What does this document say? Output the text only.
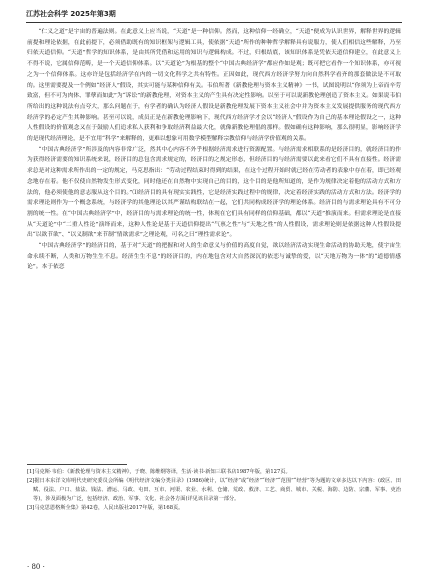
江苏社会科学 2025年第3期

“仁义之道”是宇宙的普遍法则。在此意义上应当说，“天道”是一种信仰。然而，这种信仰一经确立，“天道”便成为认识世界，解释世界的逻辑前提和理论依据，在此前提下，必须借助既有的知识框架与逻辑工具，使依据“天道”所作的种种哲学解释具有说服力，使人们相信这些解释，乃至归依天道信仰。“天道”哲学的知识体系，是由其所凭借和运用的知识与逻辑构成。不过，归根结底，该知识体系是凭依天道信仰建立，在此意义上不得不说，它属信仰范畴，是一个天道信仰体系。以“天道论”为根基的整个“中国古典经济学”都应作如是观；既可把它看作一个知识体系，亦可视之为一个信仰体系。这亦许是包括经济学在内的一切文化科学之共有特性。正因如此，现代西方经济学努力向自然科学看齐的那套做法是不可取的。这里需要提及一个例如“经济人”假设，其实可能与某种信仰有关。韦伯所著《新教伦理与资本主义精神》一书，试图说明以“你须为上帝而辛劳致富，但不可为肉体、罪孽而如此”为“诉讼”的新教伦理，对资本主义的产生具有决定性影响。以至于可以说新教伦理创造了资本主义。如果说韦伯所给出的这种说法有点夸大，那么问题在于，有学者的确认为经济人假设是新教伦理发展下资本主义社会中并为资本主义发展提供服务的现代西方经济学的必定产生其种影响。甚至可以说，成员正是在新教伦理影响下，现代西方经济学才会以“经济人”假设作为自己的基本理论假设之一，这种人性假设的价值观念又在于鼓励人们追求私人获利和争取经济利益最大化，就像新教伦理倡的那样。假如确有这种影响，那么很明显，影响经济学的是现代经济理论，是不宜用“科学”来解释的，更难以想象可用数学模型解释宗教信仰与经济学价值观的关系。

“中国古典经济学”所涉及的内容非常广泛，然其中心内容不外乎根据经济需求进行资源配置。与经济需求相联系的是经济目的，就经济目的作为获得经济需要的知识系统来说，经济目的总包含需求规定的，经济目的之规定形态，但经济目的与经济需要以此来看它们不具有直接性。经济需求总是对这种需求所作出的一定的规定，马克思指出：“劳动过程结束时得到的结果，在这个过程开始时就已经在劳动者的表象中存在着，即已经观念地存在着。他不仅使自然物发生形式变化，同时他还在自然物中实现自己的目的，这个目的是他所知道的，是作为规律决定着他的活动方式和方法的，他必须使他的意志服从这个目的。”⑴经济目的具有现实实践性，它是经济实践过程中的规律，决定着经济实践的活动方式和方法。经济学的需求理论则作为一个概念系统，与经济学的其他理论以其严谨结构联结在一起，它们共同构成经济学的理论体系。经济目的与需求理论具有不可分割的统一性。在“中国古典经济学”中，经济目的与需求理论的统一性，体现在它们具有同样的信仰基础，都以“天道”推演而来。但需求理论是直接从“天道论”中“二重人性论”演绎而来，这种人性论是基于天道信仰提出“气禀之性”与“天地之性”的人性假设，需求理论则是依据这种人性假设提出“以欲节欲”、“以义制欲”来节制“情欲需求”之理论观，可名之曰“理性需求论”。

“中国古典经济学”的经济目的，基于对“天道”的把握和对人的生命意义与价值的高度自觉，欲以经济活动实现生命活动的协助天地，使宇宙生命永续不断，人类和万物生生不息。经济生生不息”的经济目的，内在地包含对大自然深沉的依恋与诚挚的爱，以“天地万物为一体”的“道德情感论”。本于依恋

[1]马克斯·韦伯：《新教伦理与资本主义精神》，于晓、陈维纲等译，生活·读书·新知三联书店1987年版，第127页。

[2]据日本东洋文库明代史研究委员会所编《明代经济文编分类目录》(1986)统计，以“经济”或“经济”“经济”“范围”“经营”等为题的文章多达以下内容：(政区、田赋、役法、户口、盐法、钱法、漕运、马政、屯田、互市、河渠、农业、水利、仓储、荒政、救济、工艺、商贸、城市、关税、海防、边防、宗藩、军事、吏治等)，涉及面极为广泛，包括经济、政治、军事、文化、社会各方面(详见该目录第一部分。

[3]马克思恩格斯全集》第42卷，人民出版社2017年版，第168页。

· 80 ·
